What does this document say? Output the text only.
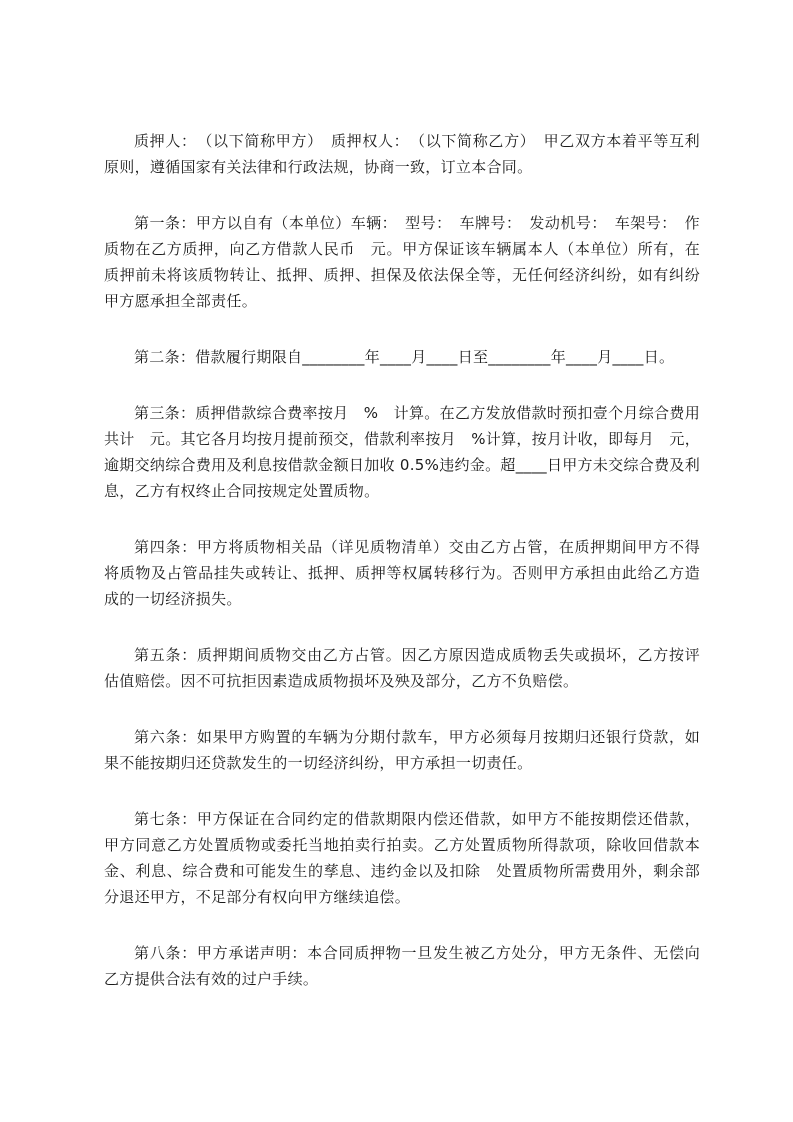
质押人：　（以下简称甲方）　质押权人：　（以下简称乙方）　甲乙双方本着平等互利原则，遵循国家有关法律和行政法规，协商一致，订立本合同。

第一条：甲方以自有（本单位）车辆：　型号：　车牌号：　发动机号：　车架号：　作质物在乙方质押，向乙方借款人民币　元。甲方保证该车辆属本人（本单位）所有，在质押前未将该质物转让、抵押、质押、担保及依法保全等，无任何经济纠纷，如有纠纷甲方愿承担全部责任。

第二条：借款履行期限自________年____月____日至________年____月____日。

第三条：质押借款综合费率按月　%　计算。在乙方发放借款时预扣壹个月综合费用共计　元。其它各月均按月提前预交，借款利率按月　%计算，按月计收，即每月　元，逾期交纳综合费用及利息按借款金额日加收 0.5%违约金。超____日甲方未交综合费及利息，乙方有权终止合同按规定处置质物。

第四条：甲方将质物相关品（详见质物清单）交由乙方占管，在质押期间甲方不得将质物及占管品挂失或转让、抵押、质押等权属转移行为。否则甲方承担由此给乙方造成的一切经济损失。

第五条：质押期间质物交由乙方占管。因乙方原因造成质物丢失或损坏，乙方按评估值赔偿。因不可抗拒因素造成质物损坏及殃及部分，乙方不负赔偿。

第六条：如果甲方购置的车辆为分期付款车，甲方必须每月按期归还银行贷款，如果不能按期归还贷款发生的一切经济纠纷，甲方承担一切责任。

第七条：甲方保证在合同约定的借款期限内偿还借款，如甲方不能按期偿还借款，甲方同意乙方处置质物或委托当地拍卖行拍卖。乙方处置质物所得款项，除收回借款本金、利息、综合费和可能发生的孳息、违约金以及扣除　处置质物所需费用外，剩余部分退还甲方，不足部分有权向甲方继续追偿。

第八条：甲方承诺声明：本合同质押物一旦发生被乙方处分，甲方无条件、无偿向乙方提供合法有效的过户手续。
